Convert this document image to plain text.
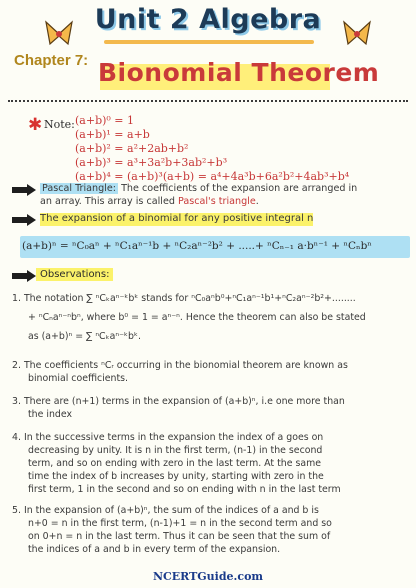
Unit 2 Algebra
Chapter 7: Bionomial Theorem
✱ Note: (a+b)⁰ = 1
(a+b)¹ = a+b
(a+b)² = a²+2ab+b²
(a+b)³ = a³+3a²b+3ab²+b³
(a+b)⁴ = (a+b)³(a+b) = a⁴+4a³b+6a²b²+4ab³+b⁴
Pascal Triangle: The coefficients of the expansion are arranged in
an array. This array is called Pascal's triangle.
The expansion of a binomial for any positive integral n
(a+b)ⁿ = ⁿC₀aⁿ + ⁿC₁aⁿ⁻¹b + ⁿC₂aⁿ⁻²b² + .....+ ⁿCₙ₋₁ a·bⁿ⁻¹ + ⁿCₙbⁿ
Observations:
1. The notation ∑ ⁿCₖaⁿ⁻ᵏbᵏ stands for ⁿC₀aⁿb⁰+ⁿC₁aⁿ⁻¹b¹+ⁿC₂aⁿ⁻²b²+........
+ ⁿCₙaⁿ⁻ⁿbⁿ, where b⁰ = 1 = aⁿ⁻ⁿ. Hence the theorem can also be stated
as (a+b)ⁿ = ∑ ⁿCₖaⁿ⁻ᵏbᵏ.
2. The coefficients ⁿCᵣ occurring in the bionomial theorem are known as
binomial coefficients.
3. There are (n+1) terms in the expansion of (a+b)ⁿ, i.e one more than
the index
4. In the successive terms in the expansion the index of a goes on
decreasing by unity. It is n in the first term, (n-1) in the second
term, and so on ending with zero in the last term. At the same
time the index of b increases by unity, starting with zero in the
first term, 1 in the second and so on ending with n in the last term
5. In the expansion of (a+b)ⁿ, the sum of the indices of a and b is
n+0 = n in the first term, (n-1)+1 = n in the second term and so
on 0+n = n in the last term. Thus it can be seen that the sum of
the indices of a and b in every term of the expansion.
NCERTGuide.com
